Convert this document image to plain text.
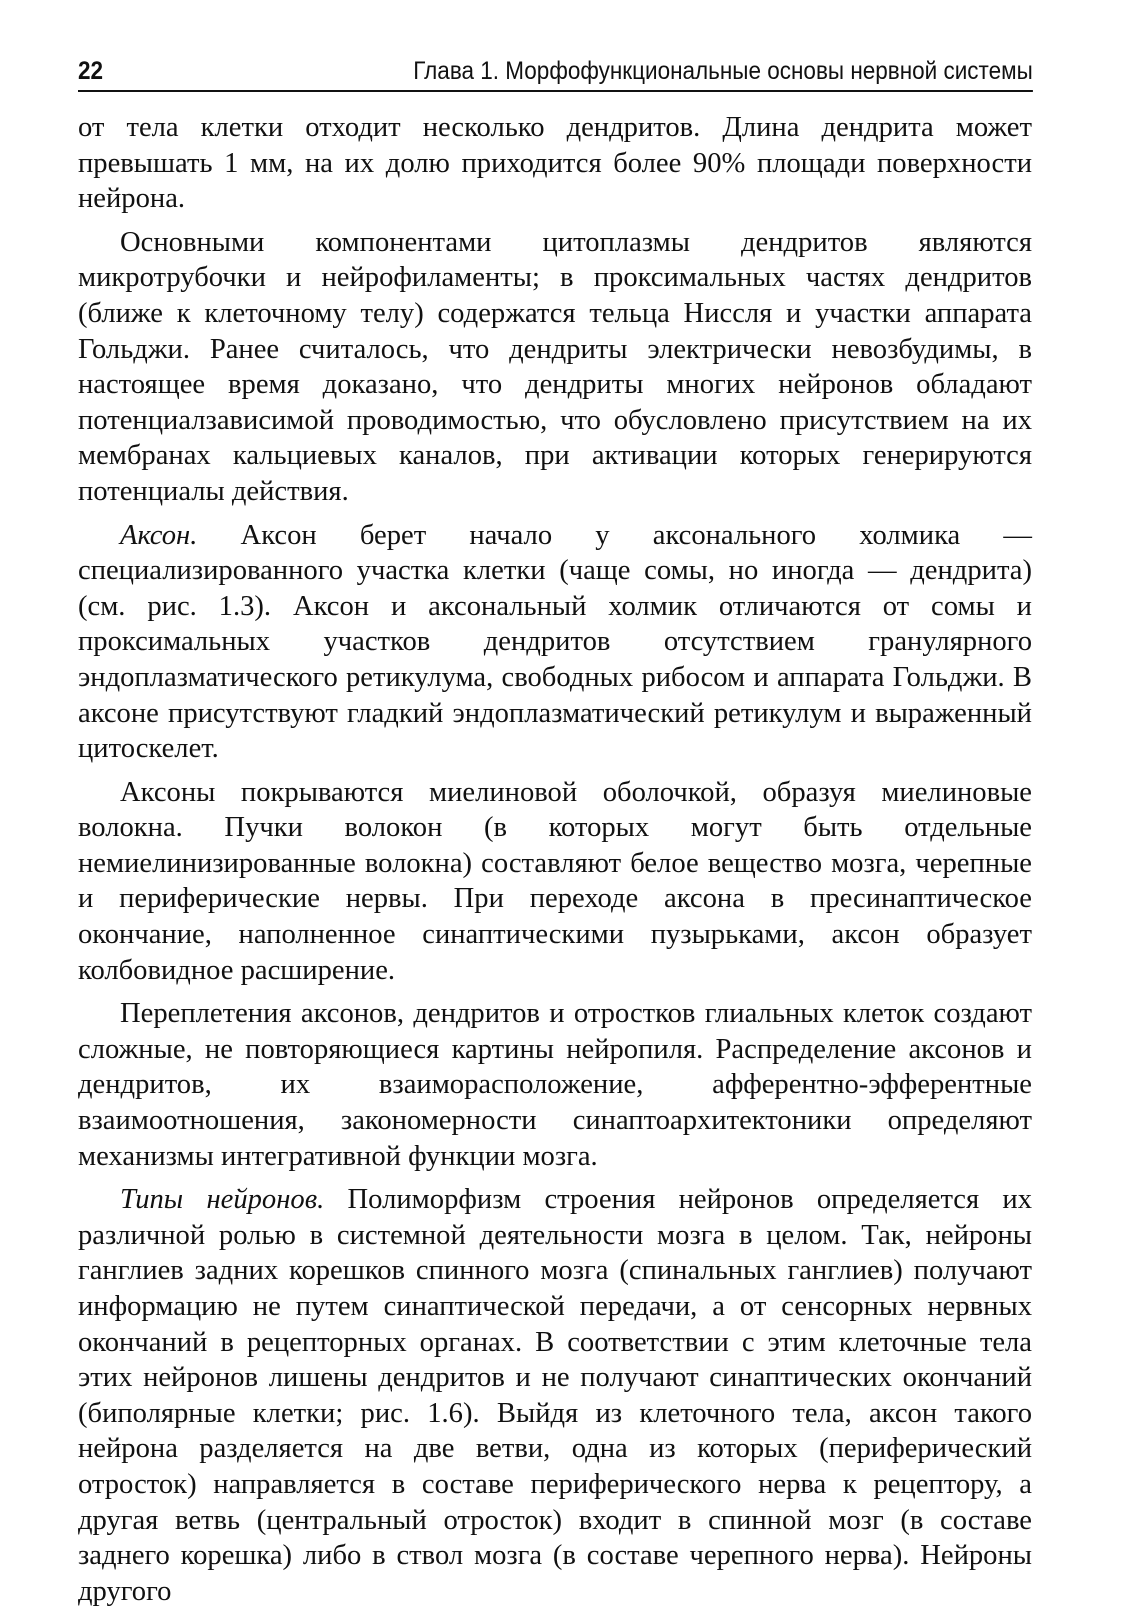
22	Глава 1. Морфофункциональные основы нервной системы

от тела клетки отходит несколько дендритов. Длина дендрита может превышать 1 мм, на их долю приходится более 90% площади поверхности нейрона.

Основными компонентами цитоплазмы дендритов являются микротрубочки и нейрофиламенты; в проксимальных частях дендритов (ближе к клеточному телу) содержатся тельца Ниссля и участки аппарата Гольджи. Ранее считалось, что дендриты электрически невозбудимы, в настоящее время доказано, что дендриты многих нейронов обладают потенциалзависимой проводимостью, что обусловлено присутствием на их мембранах кальциевых каналов, при активации которых генерируются потенциалы действия.

Аксон. Аксон берет начало у аксонального холмика — специализированного участка клетки (чаще сомы, но иногда — дендрита) (см. рис. 1.3). Аксон и аксональный холмик отличаются от сомы и проксимальных участков дендритов отсутствием гранулярного эндоплазматического ретикулума, свободных рибосом и аппарата Гольджи. В аксоне присутствуют гладкий эндоплазматический ретикулум и выраженный цитоскелет.

Аксоны покрываются миелиновой оболочкой, образуя миелиновые волокна. Пучки волокон (в которых могут быть отдельные немиелинизированные волокна) составляют белое вещество мозга, черепные и периферические нервы. При переходе аксона в пресинаптическое окончание, наполненное синаптическими пузырьками, аксон образует колбовидное расширение.

Переплетения аксонов, дендритов и отростков глиальных клеток создают сложные, не повторяющиеся картины нейропиля. Распределение аксонов и дендритов, их взаиморасположение, афферентно-эфферентные взаимоотношения, закономерности синаптоархитектоники определяют механизмы интегративной функции мозга.

Типы нейронов. Полиморфизм строения нейронов определяется их различной ролью в системной деятельности мозга в целом. Так, нейроны ганглиев задних корешков спинного мозга (спинальных ганглиев) получают информацию не путем синаптической передачи, а от сенсорных нервных окончаний в рецепторных органах. В соответствии с этим клеточные тела этих нейронов лишены дендритов и не получают синаптических окончаний (биполярные клетки; рис. 1.6). Выйдя из клеточного тела, аксон такого нейрона разделяется на две ветви, одна из которых (периферический отросток) направляется в составе периферического нерва к рецептору, а другая ветвь (центральный отросток) входит в спинной мозг (в составе заднего корешка) либо в ствол мозга (в составе черепного нерва). Нейроны другого
